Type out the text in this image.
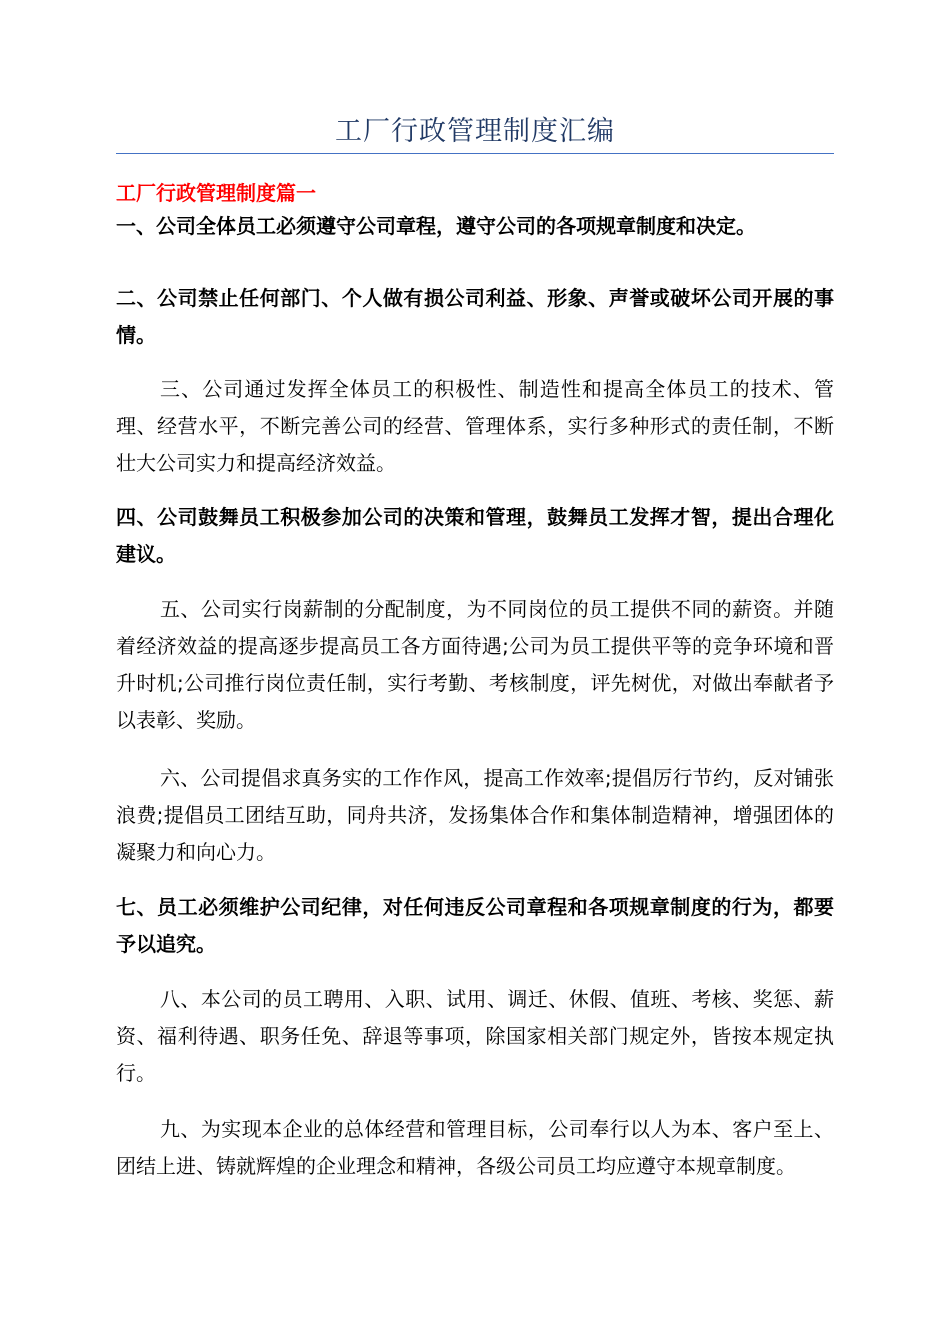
工厂行政管理制度汇编
工厂行政管理制度篇一

一、公司全体员工必须遵守公司章程，遵守公司的各项规章制度和决定。

二、公司禁止任何部门、个人做有损公司利益、形象、声誉或破坏公司开展的事情。

三、公司通过发挥全体员工的积极性、制造性和提高全体员工的技术、管理、经营水平，不断完善公司的经营、管理体系，实行多种形式的责任制，不断壮大公司实力和提高经济效益。

四、公司鼓舞员工积极参加公司的决策和管理，鼓舞员工发挥才智，提出合理化建议。

五、公司实行岗薪制的分配制度，为不同岗位的员工提供不同的薪资。并随着经济效益的提高逐步提高员工各方面待遇;公司为员工提供平等的竞争环境和晋升时机;公司推行岗位责任制，实行考勤、考核制度，评先树优，对做出奉献者予以表彰、奖励。

六、公司提倡求真务实的工作作风，提高工作效率;提倡厉行节约，反对铺张浪费;提倡员工团结互助，同舟共济，发扬集体合作和集体制造精神，增强团体的凝聚力和向心力。

七、员工必须维护公司纪律，对任何违反公司章程和各项规章制度的行为，都要予以追究。

八、本公司的员工聘用、入职、试用、调迁、休假、值班、考核、奖惩、薪资、福利待遇、职务任免、辞退等事项，除国家相关部门规定外，皆按本规定执行。

九、为实现本企业的总体经营和管理目标，公司奉行以人为本、客户至上、团结上进、铸就辉煌的企业理念和精神，各级公司员工均应遵守本规章制度。
